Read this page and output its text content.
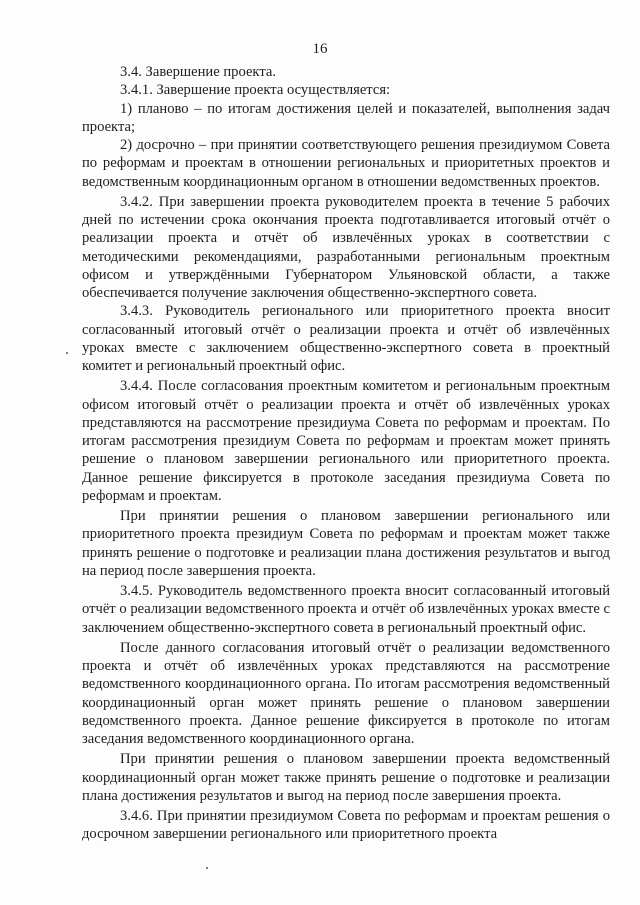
16

3.4. Завершение проекта.

3.4.1. Завершение проекта осуществляется:

1) планово – по итогам достижения целей и показателей, выполнения задач проекта;

2) досрочно – при принятии соответствующего решения президиумом Совета по реформам и проектам в отношении региональных и приоритетных проектов и ведомственным координационным органом в отношении ведомственных проектов.

3.4.2. При завершении проекта руководителем проекта в течение 5 рабочих дней по истечении срока окончания проекта подготавливается итоговый отчёт о реализации проекта и отчёт об извлечённых уроках в соответствии с методическими рекомендациями, разработанными региональным проектным офисом и утверждёнными Губернатором Ульяновской области, а также обеспечивается получение заключения общественно-экспертного совета.

3.4.3. Руководитель регионального или приоритетного проекта вносит согласованный итоговый отчёт о реализации проекта и отчёт об извлечённых уроках вместе с заключением общественно-экспертного совета в проектный комитет и региональный проектный офис.

3.4.4. После согласования проектным комитетом и региональным проектным офисом итоговый отчёт о реализации проекта и отчёт об извлечённых уроках представляются на рассмотрение президиума Совета по реформам и проектам. По итогам рассмотрения президиум Совета по реформам и проектам может принять решение о плановом завершении регионального или приоритетного проекта. Данное решение фиксируется в протоколе заседания президиума Совета по реформам и проектам.

При принятии решения о плановом завершении регионального или приоритетного проекта президиум Совета по реформам и проектам может также принять решение о подготовке и реализации плана достижения результатов и выгод на период после завершения проекта.

3.4.5. Руководитель ведомственного проекта вносит согласованный итоговый отчёт о реализации ведомственного проекта и отчёт об извлечённых уроках вместе с заключением общественно-экспертного совета в региональный проектный офис.

После данного согласования итоговый отчёт о реализации ведомственного проекта и отчёт об извлечённых уроках представляются на рассмотрение ведомственного координационного органа. По итогам рассмотрения ведомственный координационный орган может принять решение о плановом завершении ведомственного проекта. Данное решение фиксируется в протоколе по итогам заседания ведомственного координационного органа.

При принятии решения о плановом завершении проекта ведомственный координационный орган может также принять решение о подготовке и реализации плана достижения результатов и выгод на период после завершения проекта.

3.4.6. При принятии президиумом Совета по реформам и проектам решения о досрочном завершении регионального или приоритетного проекта
